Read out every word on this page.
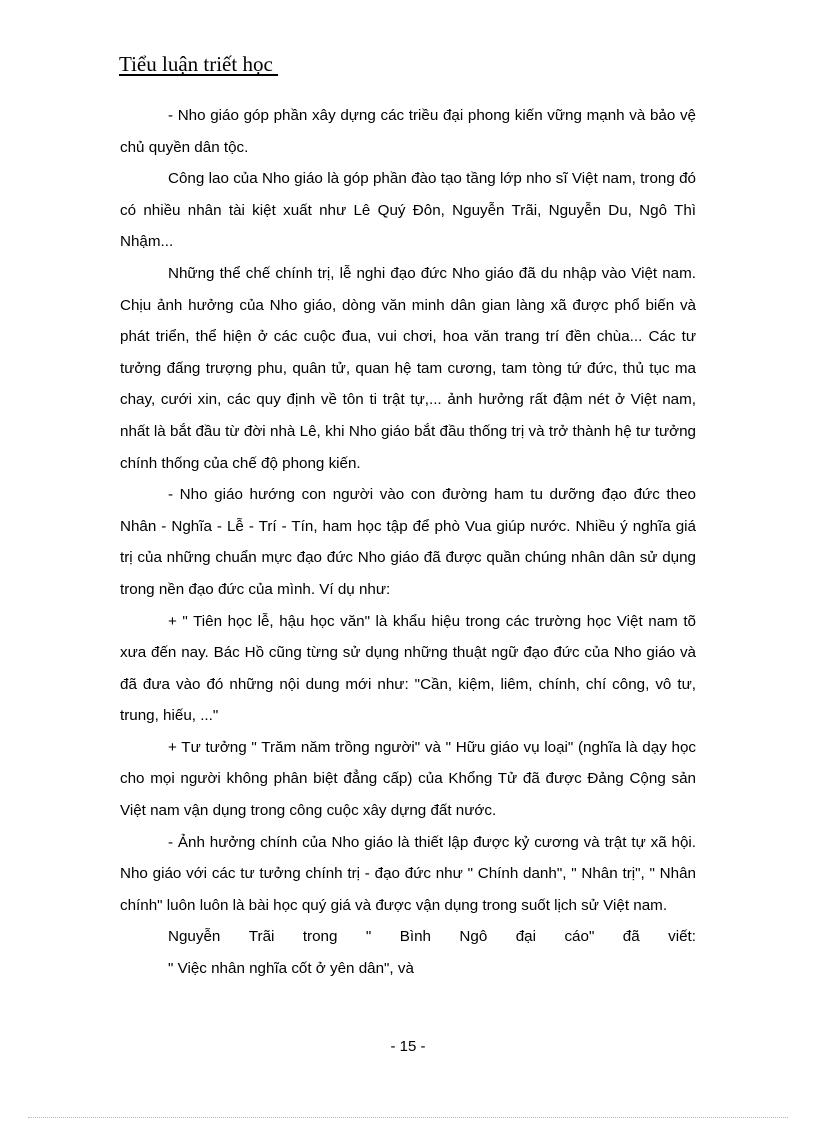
Tiểu luận triết học

- Nho giáo góp phần xây dựng các triều đại phong kiến vững mạnh và bảo vệ chủ quyền dân tộc.

Công lao của Nho giáo là góp phần đào tạo tầng lớp nho sĩ Việt nam, trong đó có nhiều nhân tài kiệt xuất như Lê Quý Đôn, Nguyễn Trãi, Nguyễn Du, Ngô Thì Nhậm...

Những thể chế chính trị, lễ nghi đạo đức Nho giáo đã du nhập vào Việt nam. Chịu ảnh hưởng của Nho giáo, dòng văn minh dân gian làng xã được phổ biến và phát triển, thể hiện ở các cuộc đua, vui chơi, hoa văn trang trí đền chùa... Các tư tưởng đấng trượng phu, quân tử, quan hệ tam cương, tam tòng tứ đức, thủ tục ma chay, cưới xin, các quy định về tôn ti trật tự,... ảnh hưởng rất đậm nét ở Việt nam, nhất là bắt đầu từ đời nhà Lê, khi Nho giáo bắt đầu thống trị và trở thành hệ tư tưởng chính thống của chế độ phong kiến.

- Nho giáo hướng con người vào con đường ham tu dưỡng đạo đức theo Nhân - Nghĩa - Lễ - Trí - Tín, ham học tập để phò Vua giúp nước. Nhiều ý nghĩa giá trị của những chuẩn mực đạo đức Nho giáo đã được quần chúng nhân dân sử dụng trong nền đạo đức của mình. Ví dụ như:

+ " Tiên học lễ, hậu học văn" là khẩu hiệu trong các trường học Việt nam tõ xưa đến nay. Bác Hồ cũng từng sử dụng những thuật ngữ đạo đức của Nho giáo và đã đưa vào đó những nội dung mới như: "Cần, kiệm, liêm, chính, chí công, vô tư, trung, hiếu, ..."

+ Tư tưởng " Trăm năm trồng người" và " Hữu giáo vụ loại" (nghĩa là dạy học cho mọi người không phân biệt đẳng cấp) của Khổng Tử đã được Đảng Cộng sản Việt nam vận dụng trong công cuộc xây dựng đất nước.

- Ảnh hưởng chính của Nho giáo là thiết lập được kỷ cương và trật tự xã hội. Nho giáo với các tư tưởng chính trị - đạo đức như " Chính danh", " Nhân trị", " Nhân chính" luôn luôn là bài học quý giá và được vận dụng trong suốt lịch sử Việt nam.

Nguyễn Trãi trong " Bình Ngô đại cáo" đã viết:

" Việc nhân nghĩa cốt ở yên dân", và

- 15 -
